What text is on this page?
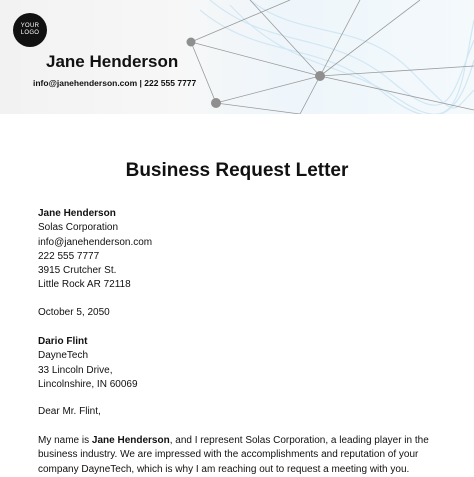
YOUR
LOGO
Jane Henderson
info@janehenderson.com | 222 555 7777
Business Request Letter
Jane Henderson
Solas Corporation
info@janehenderson.com
222 555 7777
3915 Crutcher St.
Little Rock AR 72118
October 5, 2050
Dario Flint
DayneTech
33 Lincoln Drive,
Lincolnshire, IN 60069
Dear Mr. Flint,
My name is Jane Henderson, and I represent Solas Corporation, a leading player in the business industry. We are impressed with the accomplishments and reputation of your company DayneTech, which is why I am reaching out to request a meeting with you.
